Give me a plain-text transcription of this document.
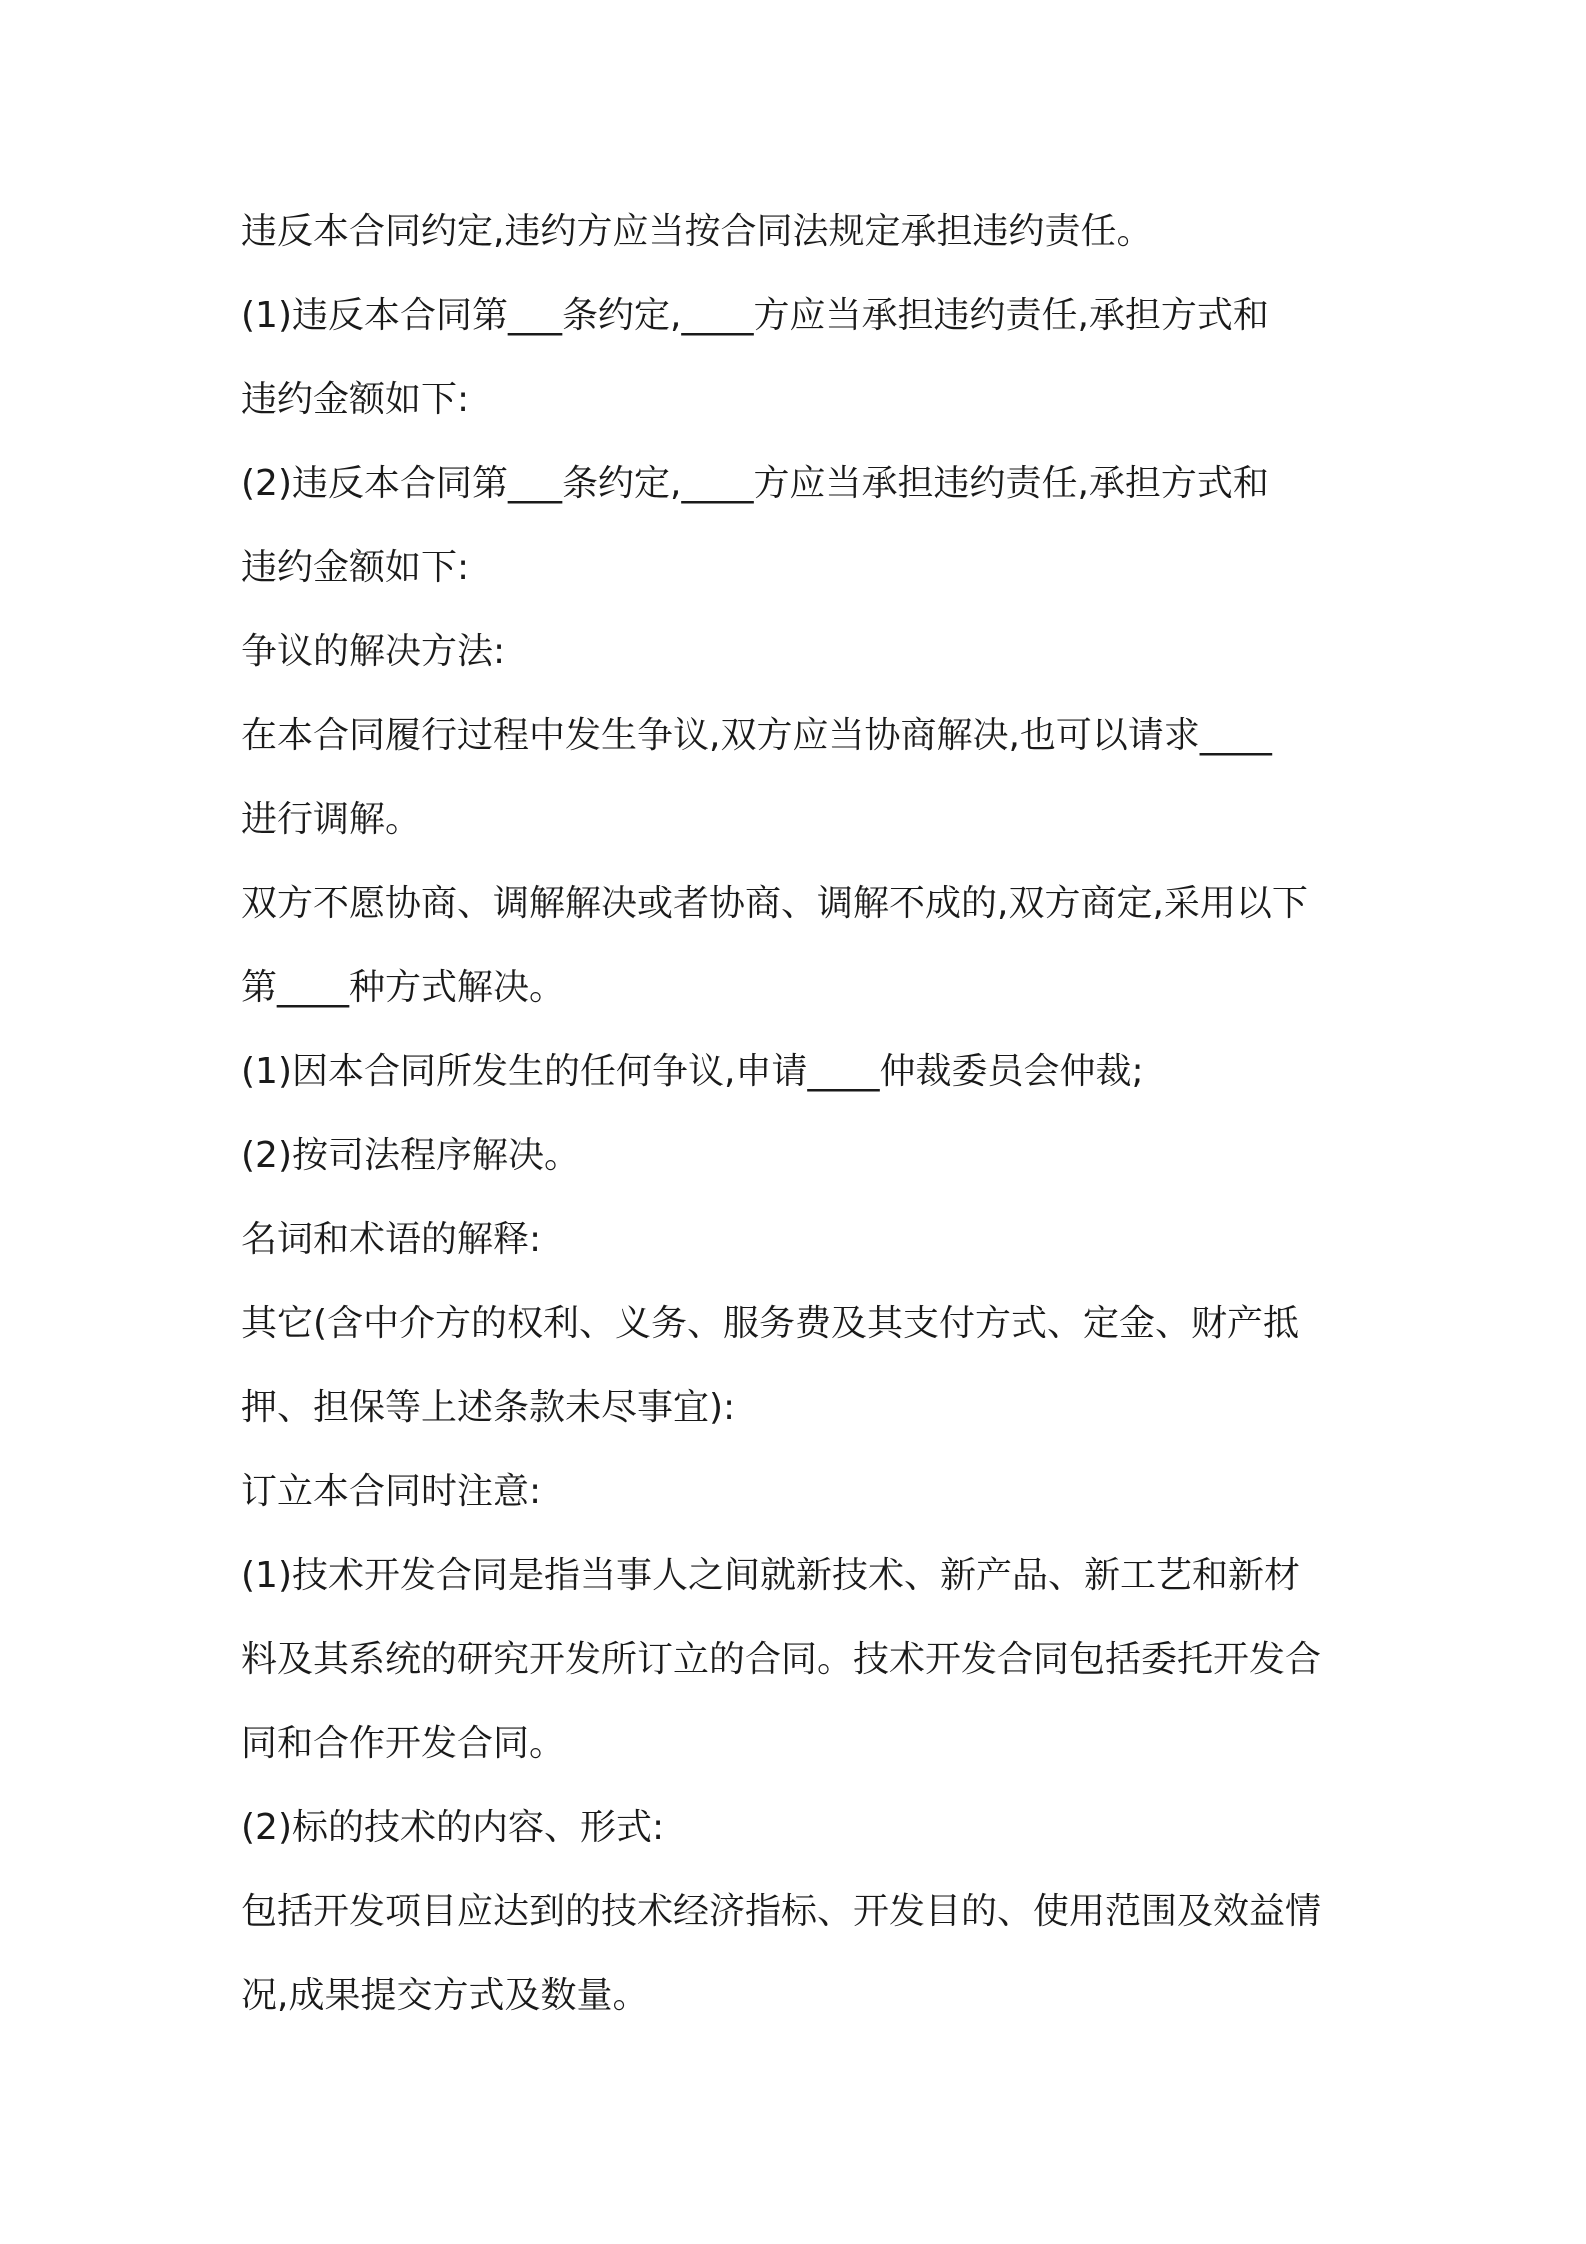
违反本合同约定,违约方应当按合同法规定承担违约责任。
(1)违反本合同第___条约定,____方应当承担违约责任,承担方式和
违约金额如下:
(2)违反本合同第___条约定,____方应当承担违约责任,承担方式和
违约金额如下:
争议的解决方法:
在本合同履行过程中发生争议,双方应当协商解决,也可以请求____
进行调解。
双方不愿协商、调解解决或者协商、调解不成的,双方商定,采用以下
第____种方式解决。
(1)因本合同所发生的任何争议,申请____仲裁委员会仲裁;
(2)按司法程序解决。
名词和术语的解释:
其它(含中介方的权利、义务、服务费及其支付方式、定金、财产抵
押、担保等上述条款未尽事宜):
订立本合同时注意:
(1)技术开发合同是指当事人之间就新技术、新产品、新工艺和新材
料及其系统的研究开发所订立的合同。技术开发合同包括委托开发合
同和合作开发合同。
(2)标的技术的内容、形式:
包括开发项目应达到的技术经济指标、开发目的、使用范围及效益情
况,成果提交方式及数量。
